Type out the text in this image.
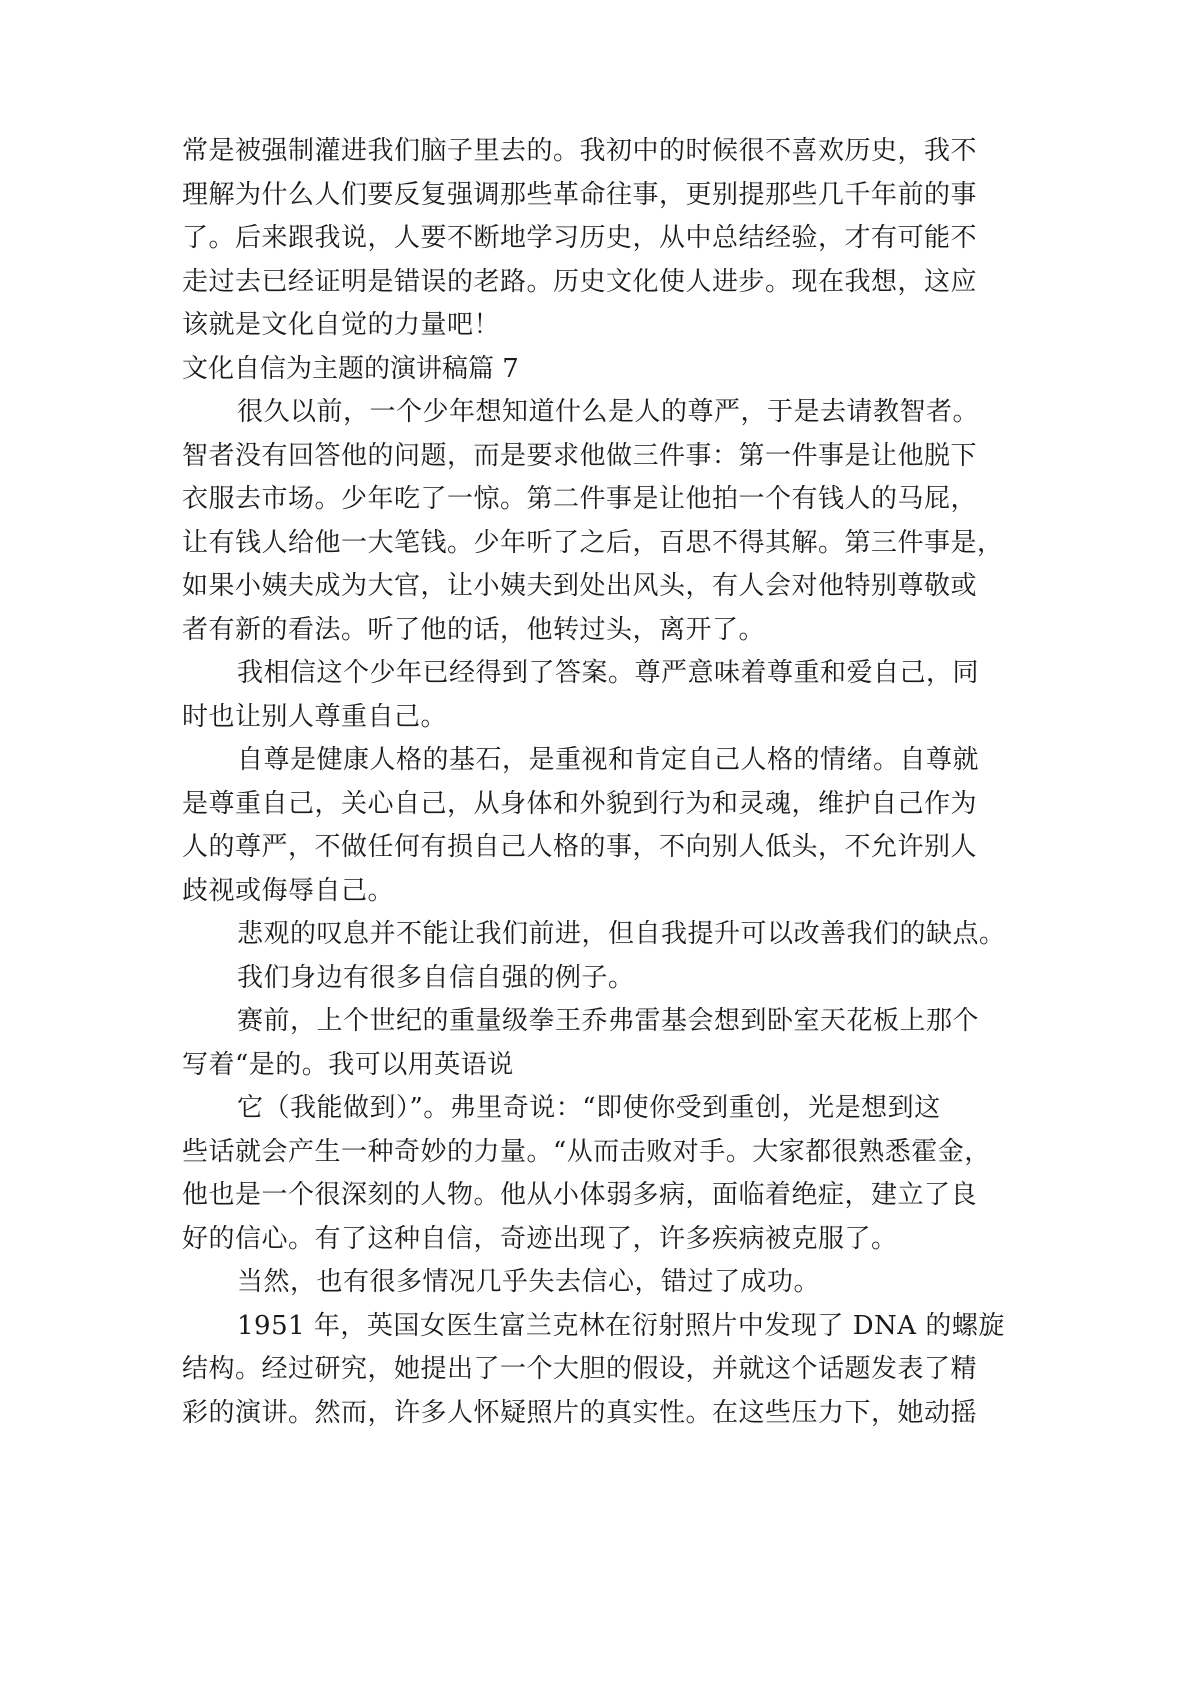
常是被强制灌进我们脑子里去的。我初中的时候很不喜欢历史，我不
理解为什么人们要反复强调那些革命往事，更别提那些几千年前的事
了。后来跟我说，人要不断地学习历史，从中总结经验，才有可能不
走过去已经证明是错误的老路。历史文化使人进步。现在我想，这应
该就是文化自觉的力量吧！
文化自信为主题的演讲稿篇 7
很久以前，一个少年想知道什么是人的尊严，于是去请教智者。
智者没有回答他的问题，而是要求他做三件事：第一件事是让他脱下
衣服去市场。少年吃了一惊。第二件事是让他拍一个有钱人的马屁，
让有钱人给他一大笔钱。少年听了之后，百思不得其解。第三件事是，
如果小姨夫成为大官，让小姨夫到处出风头，有人会对他特别尊敬或
者有新的看法。听了他的话，他转过头，离开了。
我相信这个少年已经得到了答案。尊严意味着尊重和爱自己，同
时也让别人尊重自己。
自尊是健康人格的基石，是重视和肯定自己人格的情绪。自尊就
是尊重自己，关心自己，从身体和外貌到行为和灵魂，维护自己作为
人的尊严，不做任何有损自己人格的事，不向别人低头，不允许别人
歧视或侮辱自己。
悲观的叹息并不能让我们前进，但自我提升可以改善我们的缺点。
我们身边有很多自信自强的例子。
赛前，上个世纪的重量级拳王乔弗雷基会想到卧室天花板上那个
写着“是的。我可以用英语说
它（我能做到）”。弗里奇说：“即使你受到重创，光是想到这
些话就会产生一种奇妙的力量。“从而击败对手。大家都很熟悉霍金，
他也是一个很深刻的人物。他从小体弱多病，面临着绝症，建立了良
好的信心。有了这种自信，奇迹出现了，许多疾病被克服了。
当然，也有很多情况几乎失去信心，错过了成功。
1951 年，英国女医生富兰克林在衍射照片中发现了 DNA 的螺旋
结构。经过研究，她提出了一个大胆的假设，并就这个话题发表了精
彩的演讲。然而，许多人怀疑照片的真实性。在这些压力下，她动摇
